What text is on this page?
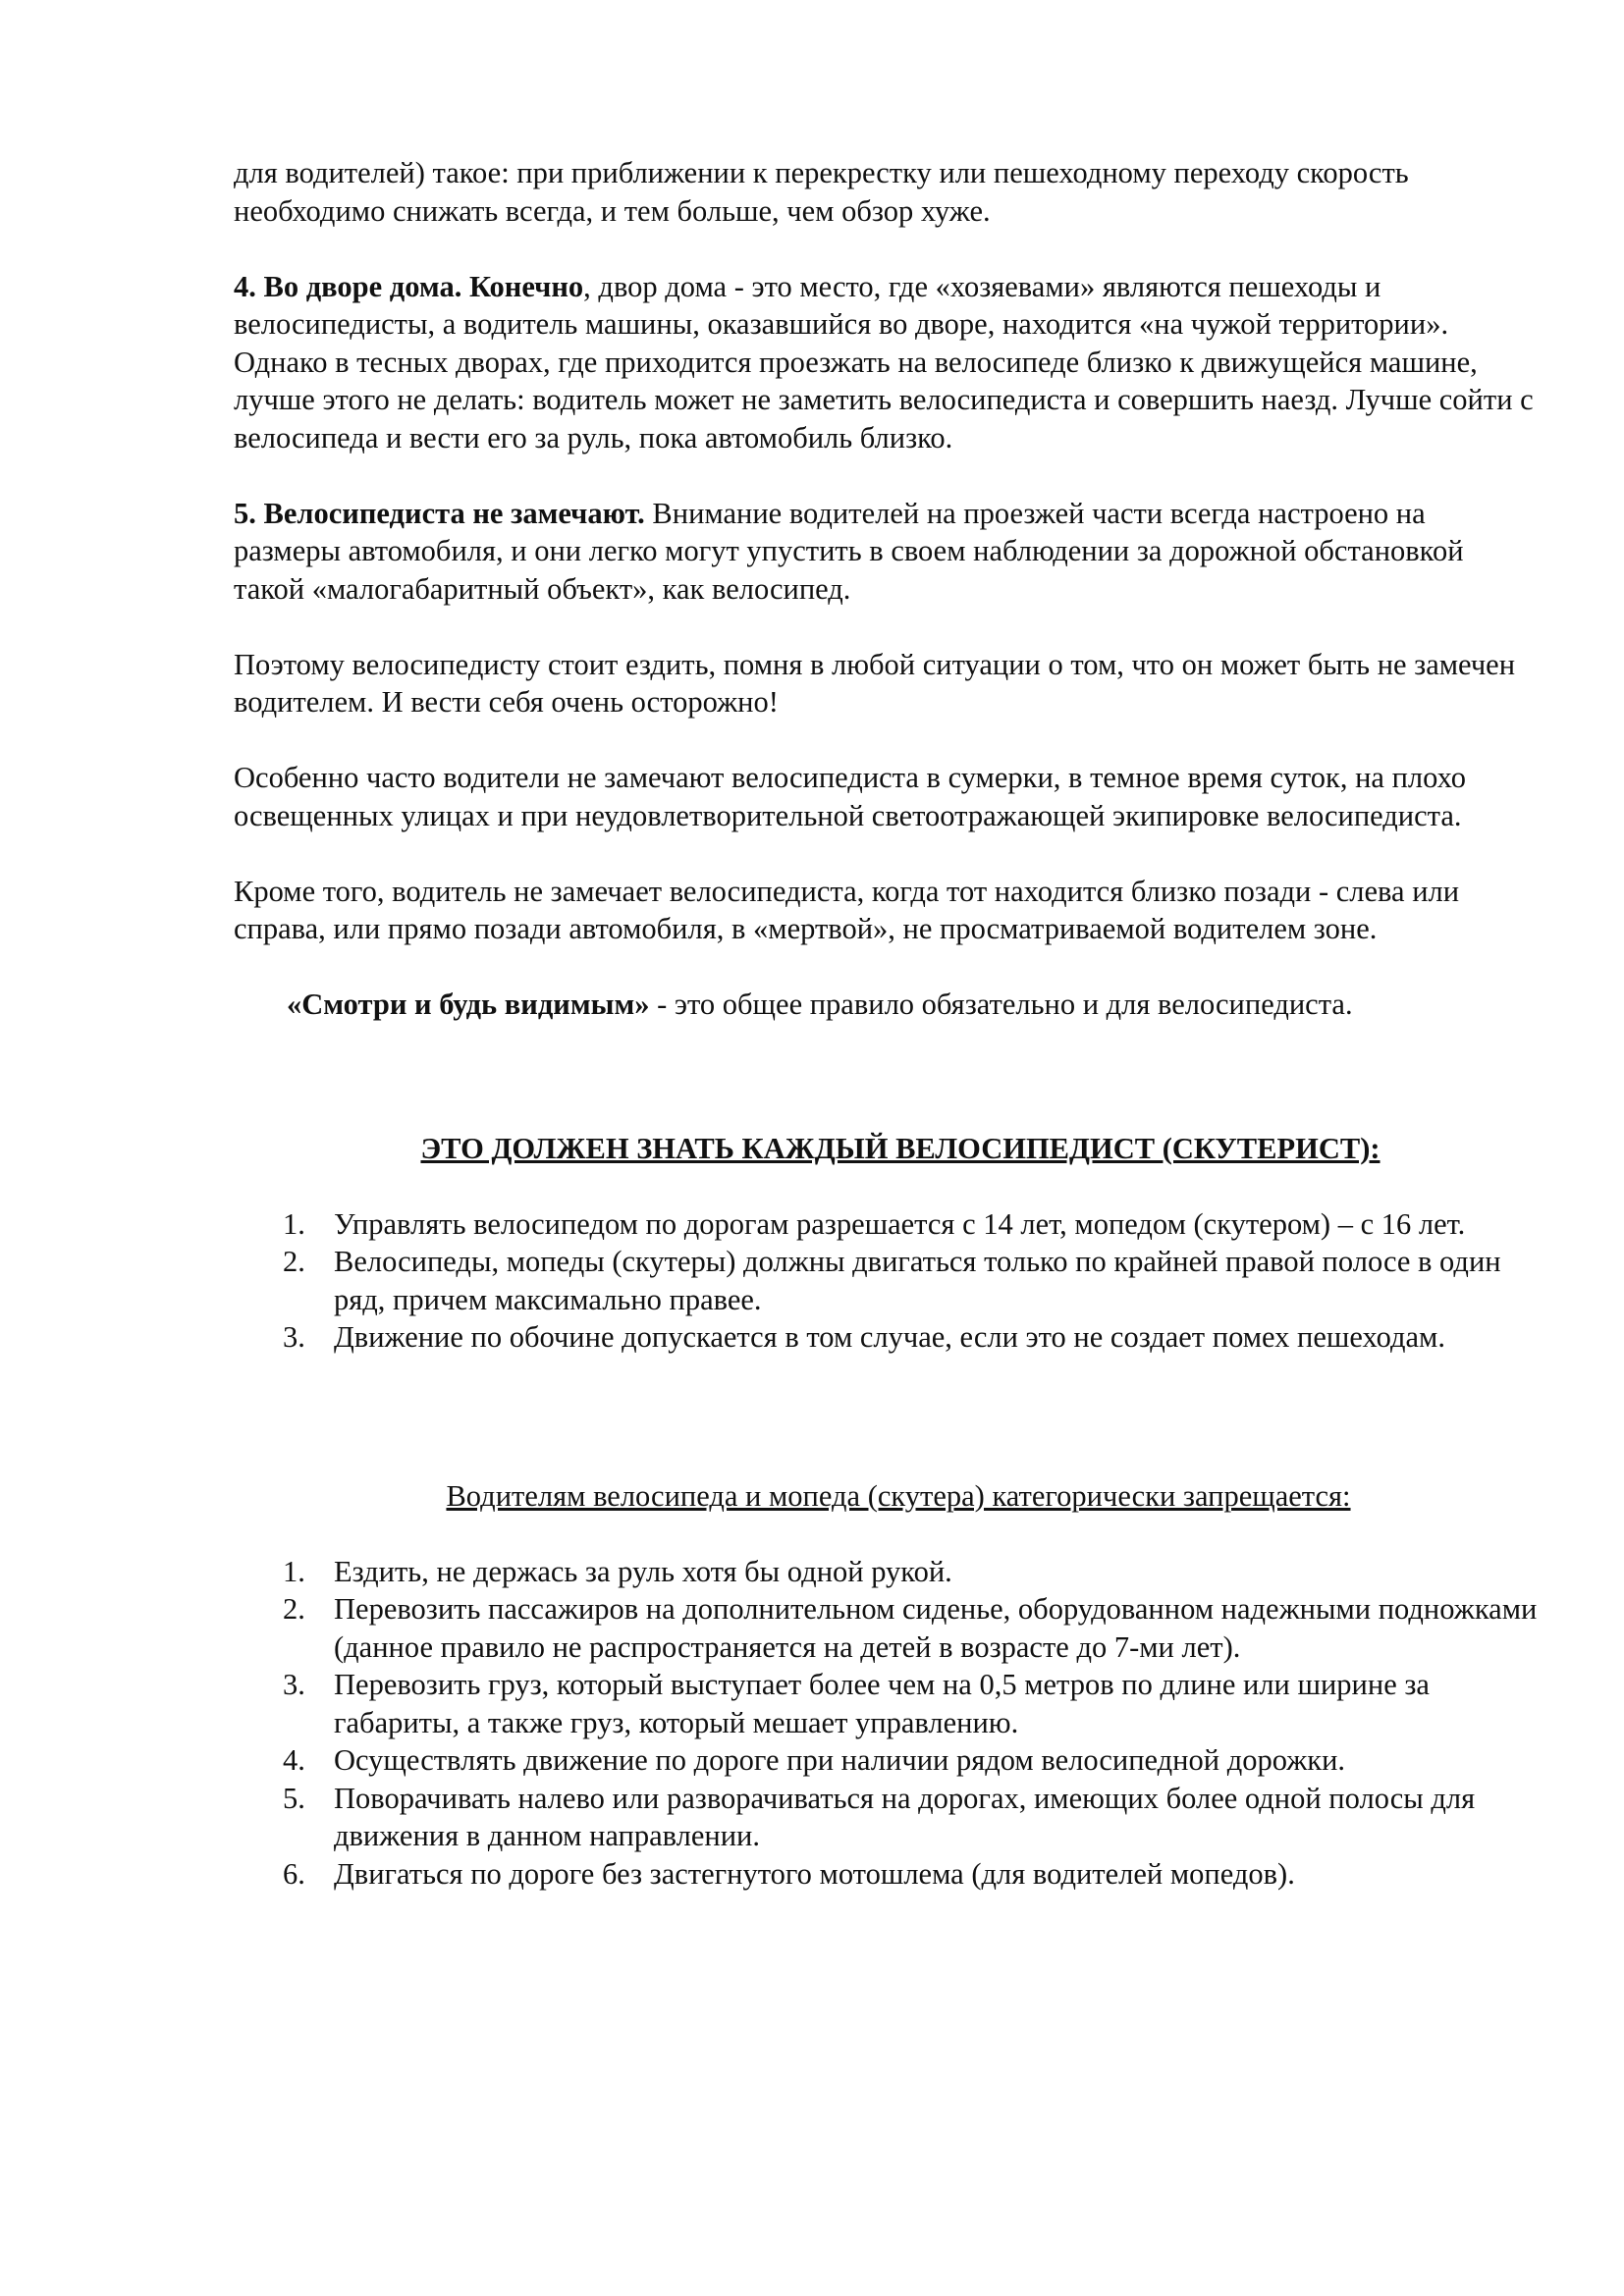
для водителей) такое: при приближении к перекрестку или пешеходному переходу скорость необходимо снижать всегда, и тем больше, чем обзор хуже.

4. Во дворе дома. Конечно, двор дома - это место, где «хозяевами» являются пешеходы и велосипедисты, а водитель машины, оказавшийся во дворе, находится «на чужой территории». Однако в тесных дворах, где приходится проезжать на велосипеде близко к движущейся машине, лучше этого не делать: водитель может не заметить велосипедиста и совершить наезд. Лучше сойти с велосипеда и вести его за руль, пока автомобиль близко.

5. Велосипедиста не замечают. Внимание водителей на проезжей части всегда настроено на размеры автомобиля, и они легко могут упустить в своем наблюдении за дорожной обстановкой такой «малогабаритный объект», как велосипед.

Поэтому велосипедисту стоит ездить, помня в любой ситуации о том, что он может быть не замечен водителем. И вести себя очень осторожно!

Особенно часто водители не замечают велосипедиста в сумерки, в темное время суток, на плохо освещенных улицах и при неудовлетворительной светоотражающей экипировке велосипедиста.

Кроме того, водитель не замечает велосипедиста, когда тот находится близко позади - слева или справа, или прямо позади автомобиля, в «мертвой», не просматриваемой водителем зоне.

«Смотри и будь видимым» - это общее правило обязательно и для велосипедиста.

ЭТО ДОЛЖЕН ЗНАТЬ КАЖДЫЙ ВЕЛОСИПЕДИСТ (СКУТЕРИСТ):

1. Управлять велосипедом по дорогам разрешается с 14 лет, мопедом (скутером) – с 16 лет.
2. Велосипеды, мопеды (скутеры) должны двигаться только по крайней правой полосе в один ряд, причем максимально правее.
3. Движение по обочине допускается в том случае, если это не создает помех пешеходам.

Водителям велосипеда и мопеда (скутера) категорически запрещается:

1. Ездить, не держась за руль хотя бы одной рукой.
2. Перевозить пассажиров на дополнительном сиденье, оборудованном надежными подножками (данное правило не распространяется на детей в возрасте до 7-ми лет).
3. Перевозить груз, который выступает более чем на 0,5 метров по длине или ширине за габариты, а также груз, который мешает управлению.
4. Осуществлять движение по дороге при наличии рядом велосипедной дорожки.
5. Поворачивать налево или разворачиваться на дорогах, имеющих более одной полосы для движения в данном направлении.
6. Двигаться по дороге без застегнутого мотошлема (для водителей мопедов).
